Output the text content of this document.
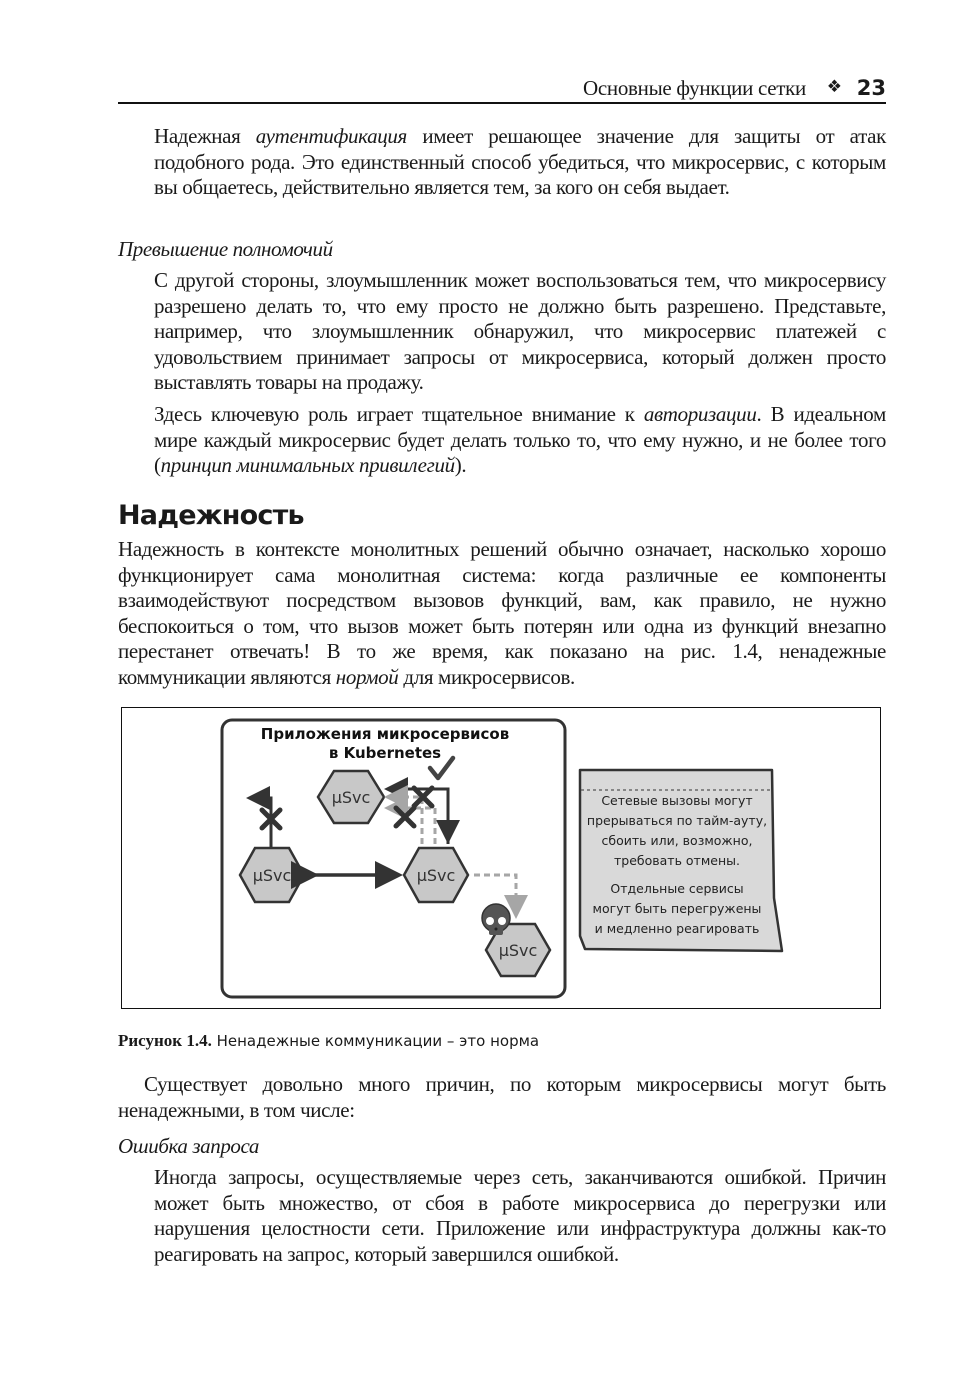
Основные функции сетки ❖ 23

Надежная аутентификация имеет решающее значение для защиты от атак подобного рода. Это единственный способ убедиться, что микросервис, с которым вы общаетесь, действительно является тем, за кого он себя выдает.

Превышение полномочий

С другой стороны, злоумышленник может воспользоваться тем, что микросервису разрешено делать то, что ему просто не должно быть разрешено. Представьте, например, что злоумышленник обнаружил, что микросервис платежей с удовольствием принимает запросы от микросервиса, который должен просто выставлять товары на продажу.

Здесь ключевую роль играет тщательное внимание к авторизации. В идеальном мире каждый микросервис будет делать только то, что ему нужно, и не более того (принцип минимальных привилегий).

Надежность

Надежность в контексте монолитных решений обычно означает, насколько хорошо функционирует сама монолитная система: когда различные ее компоненты взаимодействуют посредством вызовов функций, вам, как правило, не нужно беспокоиться о том, что вызов может быть потерян или одна из функций внезапно перестанет отвечать! В то же время, как показано на рис. 1.4, ненадежные коммуникации являются нормой для микросервисов.

Приложения микросервисов
в Kubernetes
μSvc
μSvc	μSvc
μSvc
Сетевые вызовы могут
прерываться по тайм-ауту,
сбоить или, возможно,
требовать отмены.
Отдельные сервисы
могут быть перегружены
и медленно реагировать
Рисунок 1.4. Ненадежные коммуникации – это норма

Существует довольно много причин, по которым микросервисы могут быть ненадежными, в том числе:

Ошибка запроса

Иногда запросы, осуществляемые через сеть, заканчиваются ошибкой. Причин может быть множество, от сбоя в работе микросервиса до перегрузки или нарушения целостности сети. Приложение или инфраструктура должны как-то реагировать на запрос, который завершился ошибкой.
